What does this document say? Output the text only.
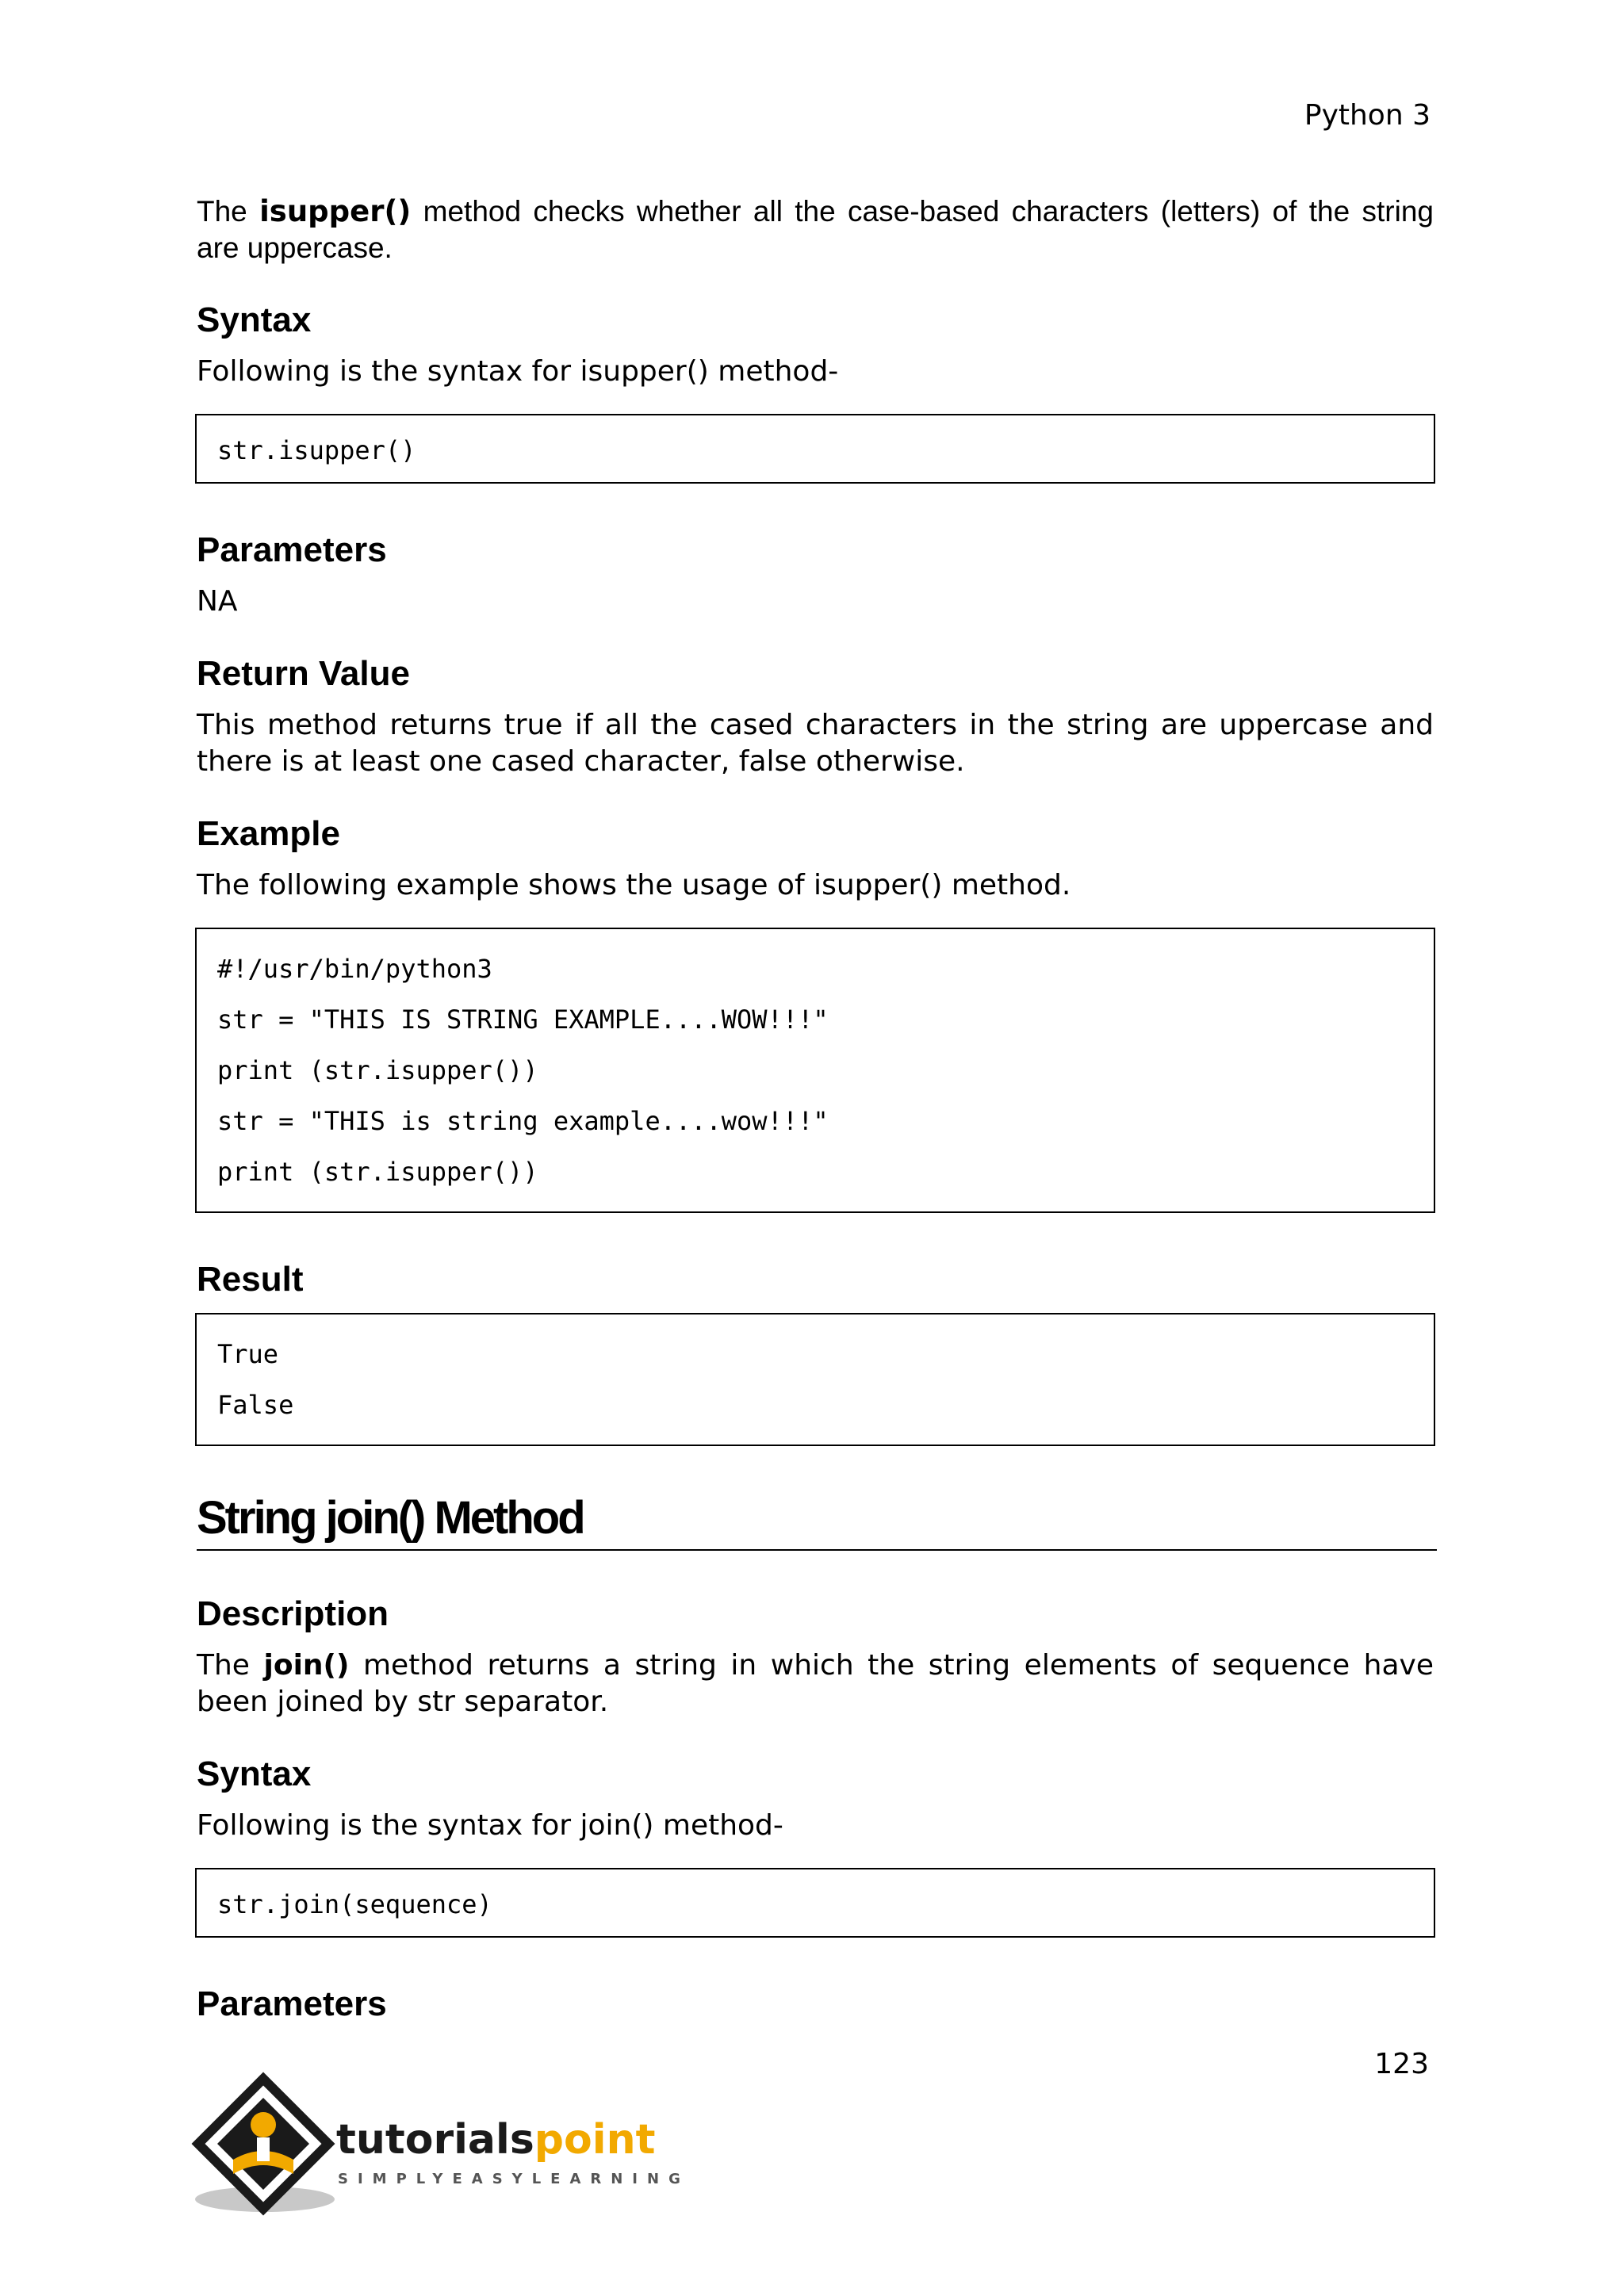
Python 3

The isupper() method checks whether all the case-based characters (letters) of the string are uppercase.

Syntax

Following is the syntax for isupper() method-

str.isupper()
Parameters

NA

Return Value

This method returns true if all the cased characters in the string are uppercase and there is at least one cased character, false otherwise.

Example

The following example shows the usage of isupper() method.

#!/usr/bin/python3
str = "THIS IS STRING EXAMPLE....WOW!!!"
print (str.isupper())
str = "THIS is string example....wow!!!"
print (str.isupper())
Result
True
False
String join() Method
Description

The join() method returns a string in which the string elements of sequence have been joined by str separator.

Syntax

Following is the syntax for join() method-

str.join(sequence)
Parameters
123
tutorialspoint
SIMPLYEASYLEARNING
